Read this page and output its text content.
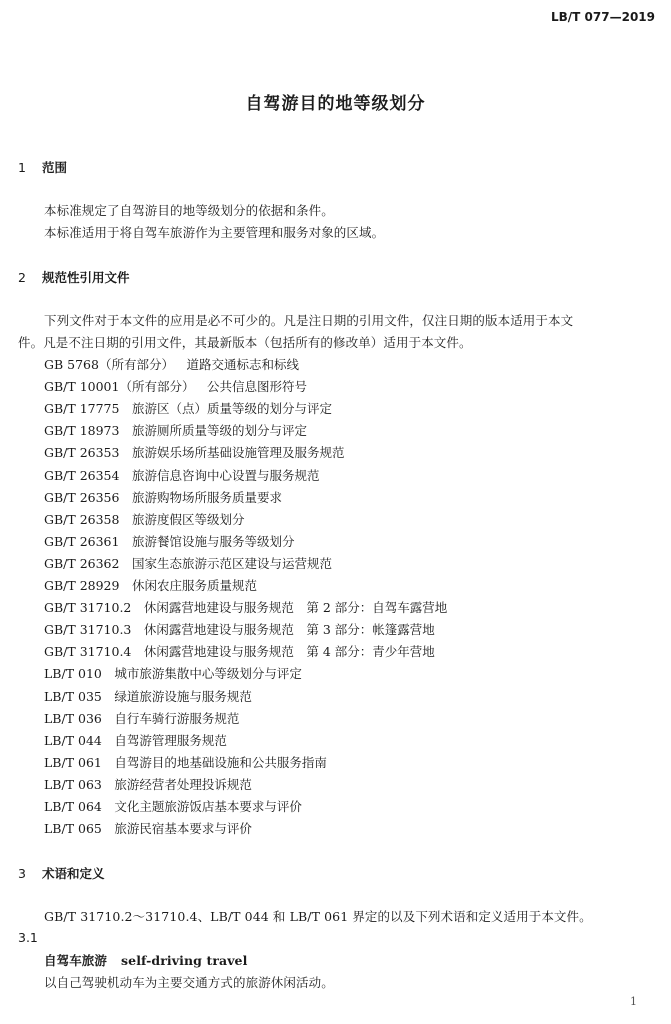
LB/T 077—2019
自驾游目的地等级划分
1 范围
本标准规定了自驾游目的地等级划分的依据和条件。
本标准适用于将自驾车旅游作为主要管理和服务对象的区域。
2 规范性引用文件
下列文件对于本文件的应用是必不可少的。凡是注日期的引用文件，仅注日期的版本适用于本文
件。凡是不注日期的引用文件，其最新版本（包括所有的修改单）适用于本文件。
GB 5768（所有部分）　 道路交通标志和标线
GB/T 10001（所有部分）　 公共信息图形符号
GB/T 17775　 旅游区（点）质量等级的划分与评定
GB/T 18973　 旅游厕所质量等级的划分与评定
GB/T 26353　 旅游娱乐场所基础设施管理及服务规范
GB/T 26354　 旅游信息咨询中心设置与服务规范
GB/T 26356　 旅游购物场所服务质量要求
GB/T 26358　 旅游度假区等级划分
GB/T 26361　 旅游餐馆设施与服务等级划分
GB/T 26362　 国家生态旅游示范区建设与运营规范
GB/T 28929　 休闲农庄服务质量规范
GB/T 31710.2　 休闲露营地建设与服务规范　第 2 部分：自驾车露营地
GB/T 31710.3　 休闲露营地建设与服务规范　第 3 部分：帐篷露营地
GB/T 31710.4　 休闲露营地建设与服务规范　第 4 部分：青少年营地
LB/T 010　 城市旅游集散中心等级划分与评定
LB/T 035　 绿道旅游设施与服务规范
LB/T 036　 自行车骑行游服务规范
LB/T 044　 自驾游管理服务规范
LB/T 061　 自驾游目的地基础设施和公共服务指南
LB/T 063　 旅游经营者处理投诉规范
LB/T 064　 文化主题旅游饭店基本要求与评价
LB/T 065　 旅游民宿基本要求与评价
3 术语和定义
GB/T 31710.2～31710.4、LB/T 044 和 LB/T 061 界定的以及下列术语和定义适用于本文件。
3.1
自驾车旅游 self-driving travel
以自己驾驶机动车为主要交通方式的旅游休闲活动。
1
